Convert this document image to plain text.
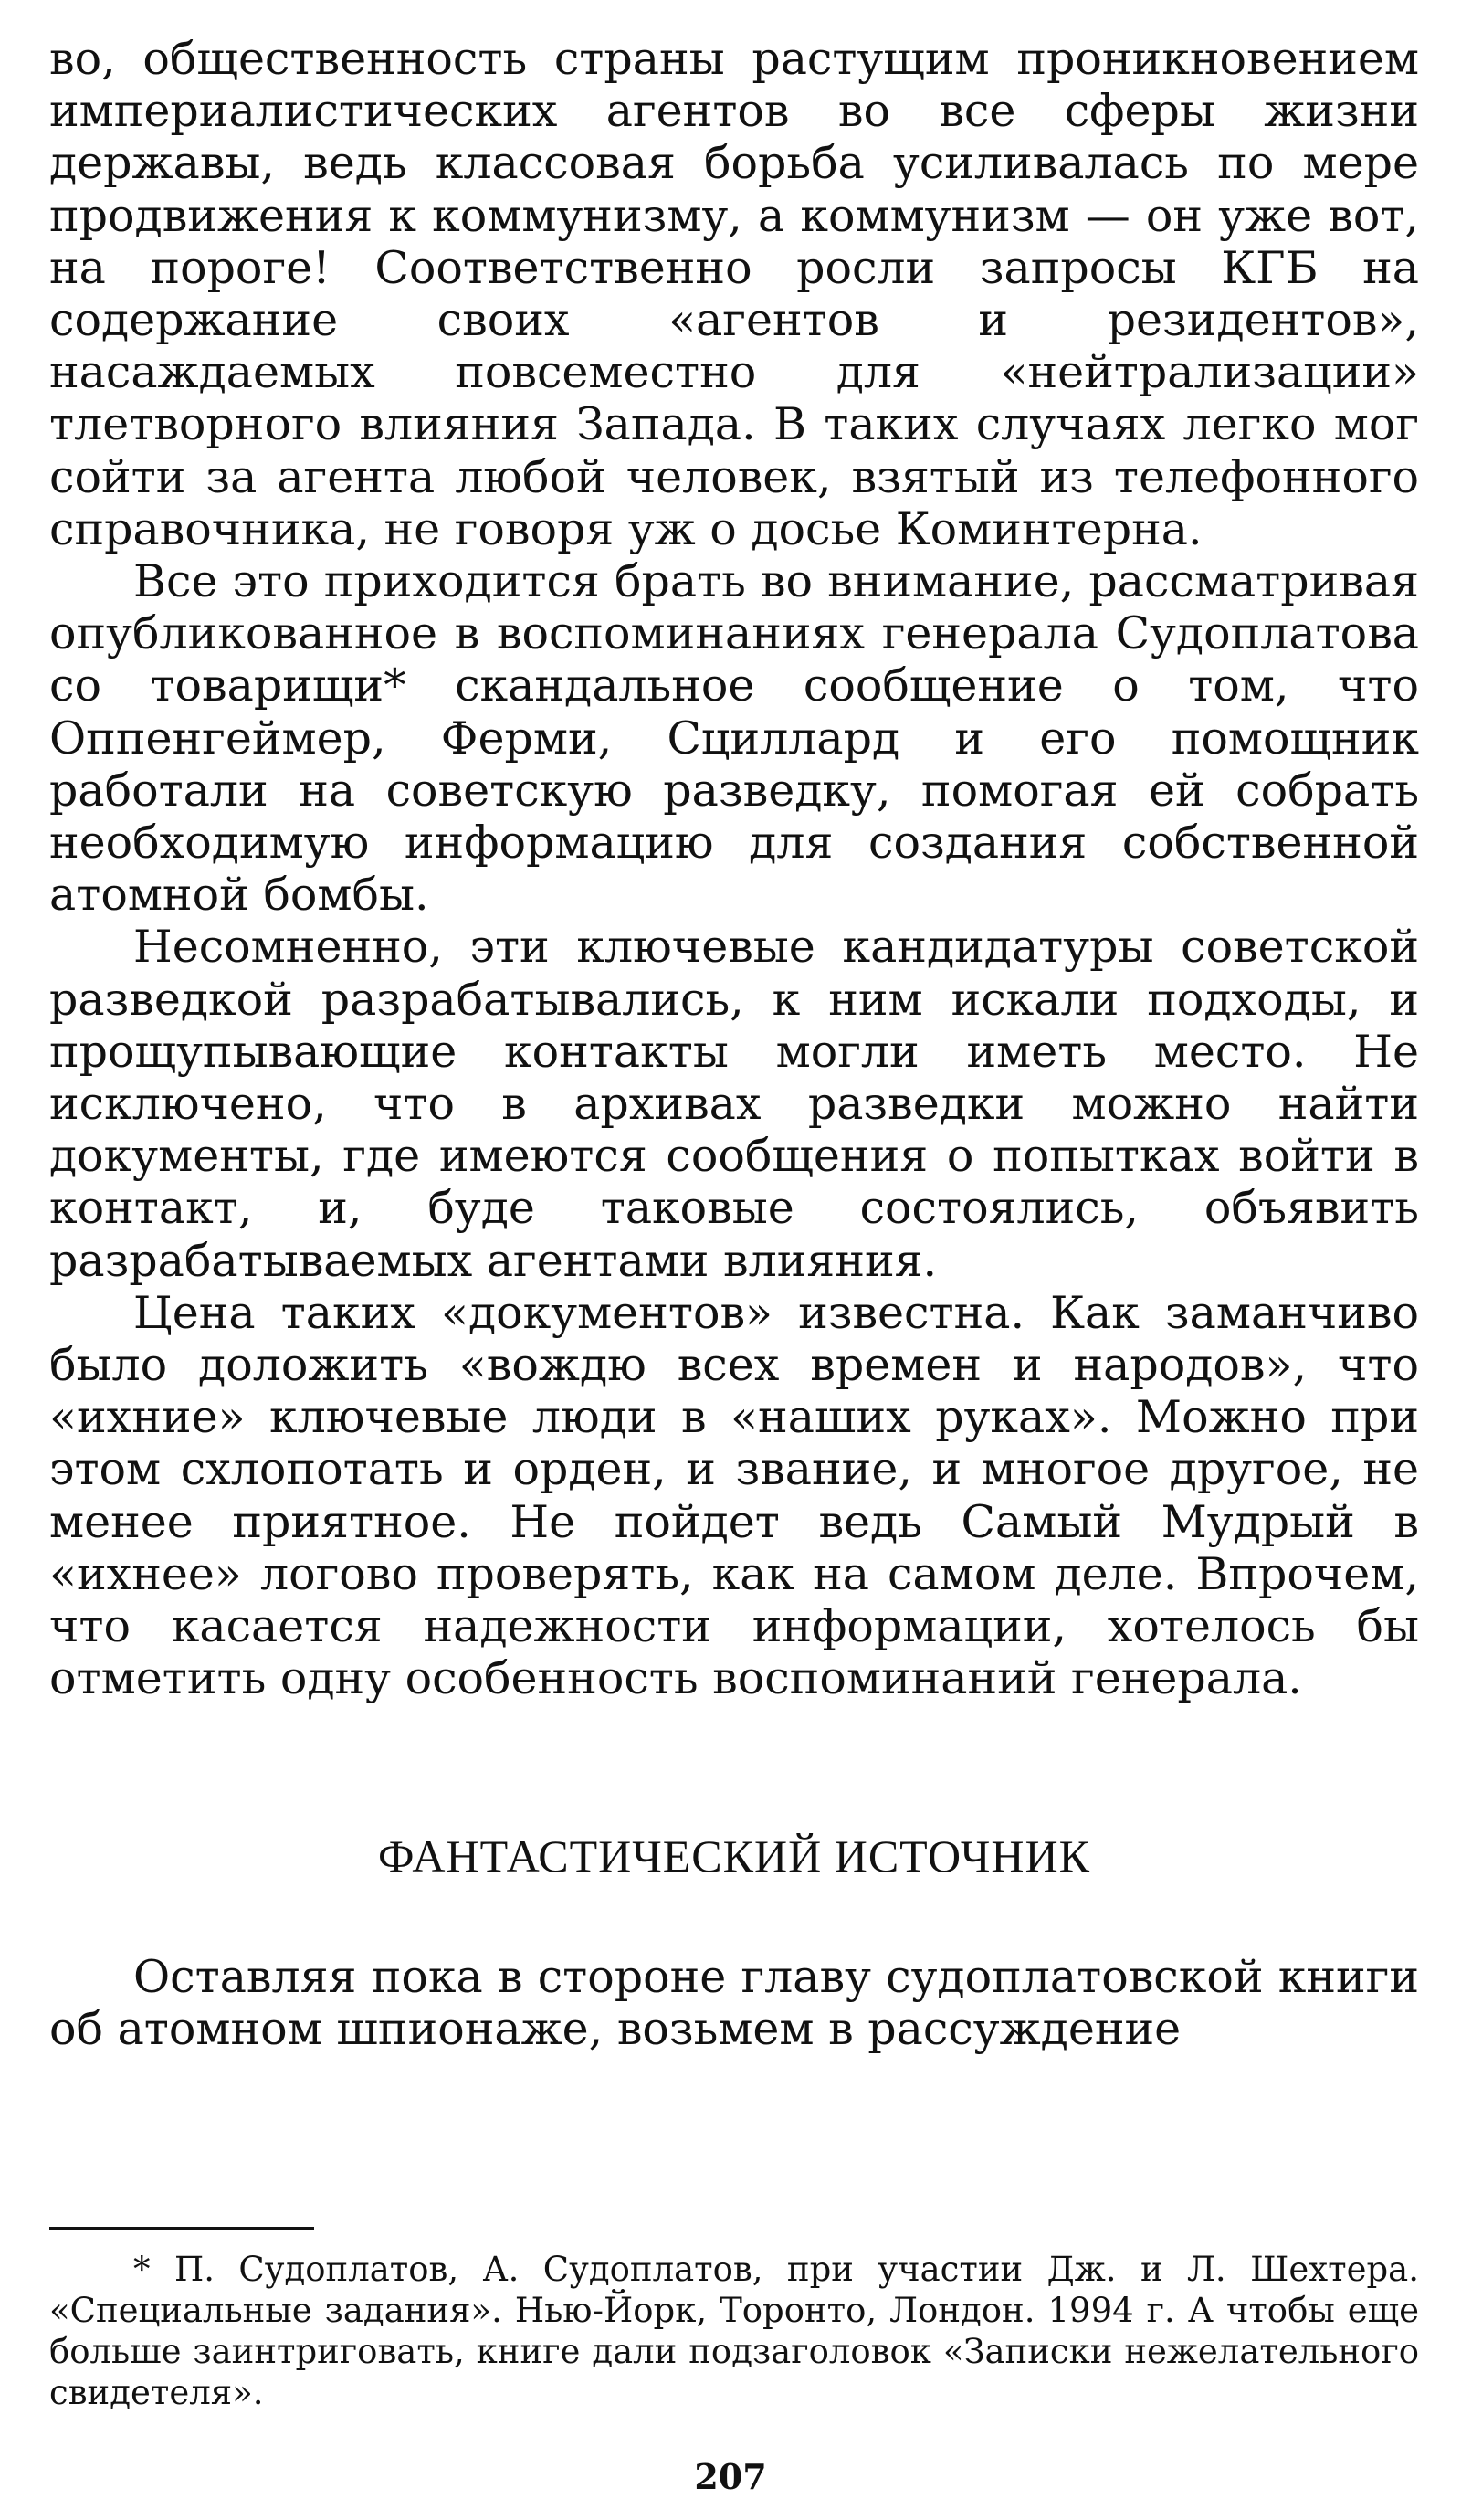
во, общественность страны растущим проникновением империалистических агентов во все сферы жизни державы, ведь классовая борьба усиливалась по мере продвижения к коммунизму, а коммунизм — он уже вот, на пороге! Соответственно росли запросы КГБ на содержание своих «агентов и резидентов», насаждаемых повсеместно для «нейтрализации» тлетворного влияния Запада. В таких случаях легко мог сойти за агента любой человек, взятый из телефонного справочника, не говоря уж о досье Коминтерна.

Все это приходится брать во внимание, рассматривая опубликованное в воспоминаниях генерала Судоплатова со товарищи* скандальное сообщение о том, что Оппенгеймер, Ферми, Сциллард и его помощник работали на советскую разведку, помогая ей собрать необходимую информацию для создания собственной атомной бомбы.

Несомненно, эти ключевые кандидатуры советской разведкой разрабатывались, к ним искали подходы, и прощупывающие контакты могли иметь место. Не исключено, что в архивах разведки можно найти документы, где имеются сообщения о попытках войти в контакт, и, буде таковые состоялись, объявить разрабатываемых агентами влияния.

Цена таких «документов» известна. Как заманчиво было доложить «вождю всех времен и народов», что «ихние» ключевые люди в «наших руках». Можно при этом схлопотать и орден, и звание, и многое другое, не менее приятное. Не пойдет ведь Самый Мудрый в «ихнее» логово проверять, как на самом деле. Впрочем, что касается надежности информации, хотелось бы отметить одну особенность воспоминаний генерала.

ФАНТАСТИЧЕСКИЙ ИСТОЧНИК

Оставляя пока в стороне главу судоплатовской книги об атомном шпионаже, возьмем в рассуждение

* П. Судоплатов, А. Судоплатов, при участии Дж. и Л. Шехтера. «Специальные задания». Нью-Йорк, Торонто, Лондон. 1994 г. А чтобы еще больше заинтриговать, книге дали подзаголовок «Записки нежелательного свидетеля».
207
